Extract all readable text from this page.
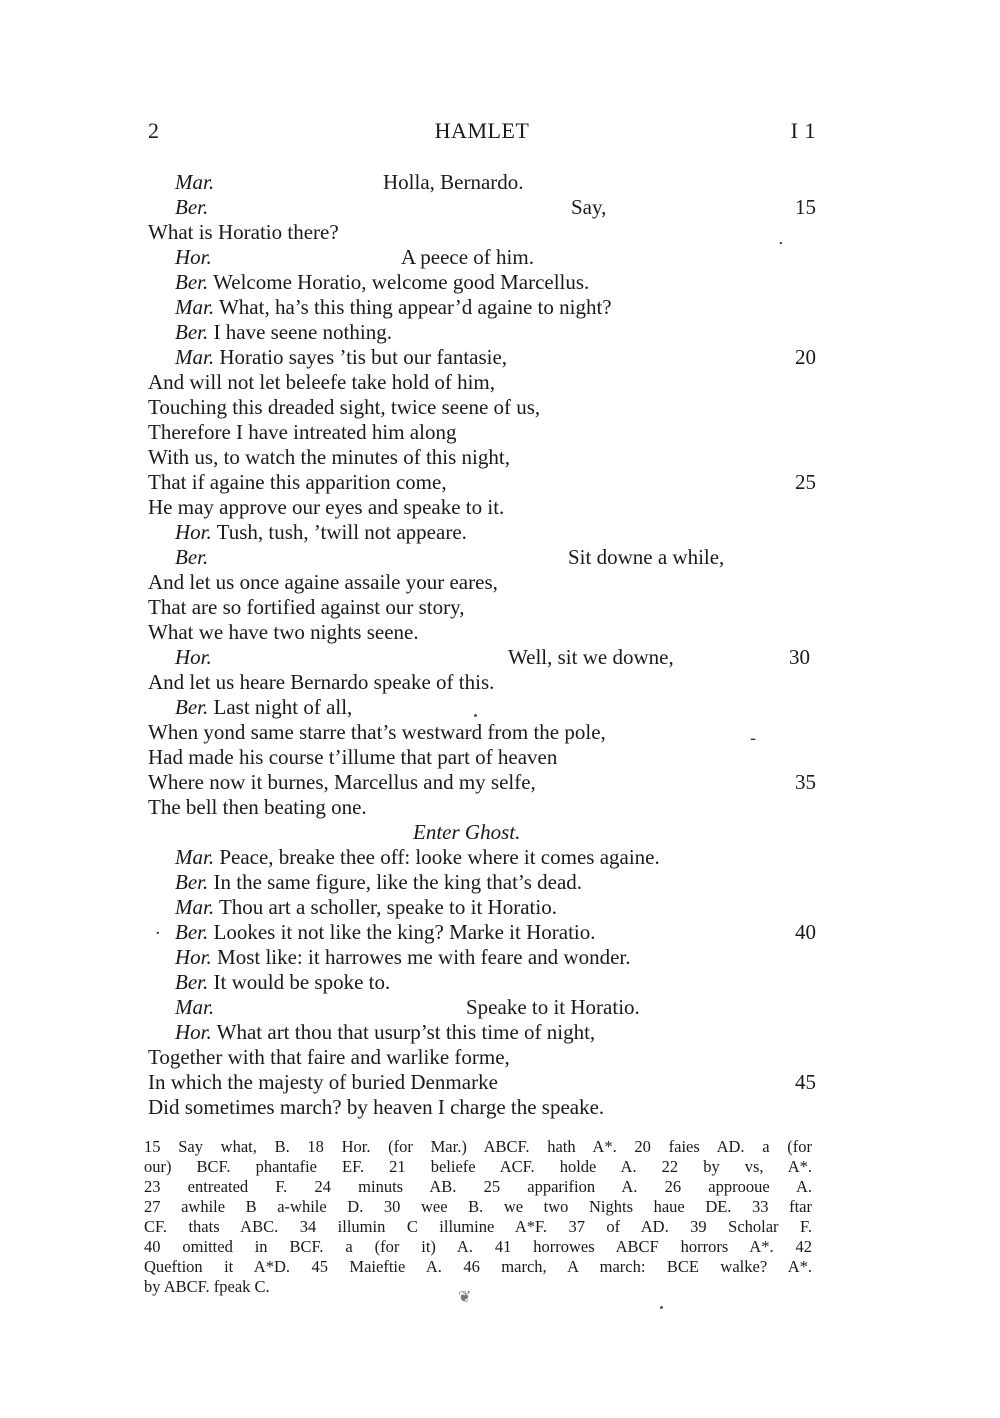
2	HAMLET	I 1
Mar.	Holla, Bernardo.
Ber.	Say,	15
What is Horatio there?
Hor.	A peece of him.
Ber. Welcome Horatio, welcome good Marcellus.
Mar. What, ha’s this thing appear’d againe to night?
Ber. I have seene nothing.
Mar. Horatio sayes ’tis but our fantasie,	20
And will not let beleefe take hold of him,
Touching this dreaded sight, twice seene of us,
Therefore I have intreated him along
With us, to watch the minutes of this night,
That if againe this apparition come,	25
He may approve our eyes and speake to it.
Hor. Tush, tush, ’twill not appeare.
Ber.	Sit downe a while,
And let us once againe assaile your eares,
That are so fortified against our story,
What we have two nights seene.
Hor.	Well, sit we downe,	30
And let us heare Bernardo speake of this.
Ber. Last night of all,
When yond same starre that’s westward from the pole,
Had made his course t’illume that part of heaven
Where now it burnes, Marcellus and my selfe,	35
The bell then beating one.
Enter Ghost.
Mar. Peace, breake thee off: looke where it comes againe.
Ber. In the same figure, like the king that’s dead.
Mar. Thou art a scholler, speake to it Horatio.
Ber. Lookes it not like the king? Marke it Horatio.	40
Hor. Most like: it harrowes me with feare and wonder.
Ber. It would be spoke to.
Mar.	Speake to it Horatio.
Hor. What art thou that usurp’st this time of night,
Together with that faire and warlike forme,
In which the majesty of buried Denmarke	45
Did sometimes march? by heaven I charge the speake.
.
-
·
15 Say what, B. 18 Hor. (for Mar.) ABCF. hath A*. 20 faies AD. a (for
our) BCF. phantafie EF. 21 beliefe ACF. holde A. 22 by vs, A*.
23 entreated F. 24 minuts AB. 25 apparifion A. 26 approoue A.
27 awhile B a-while D. 30 wee B. we two Nights haue DE. 33 ftar
CF. thats ABC. 34 illumin C illumine A*F. 37 of AD. 39 Scholar F.
40 omitted in BCF. a (for it) A. 41 horrowes ABCF horrors A*. 42
Queftion it A*D. 45 Maieftie A. 46 march, A march: BCE walke? A*.
by ABCF. fpeak C.
❦
